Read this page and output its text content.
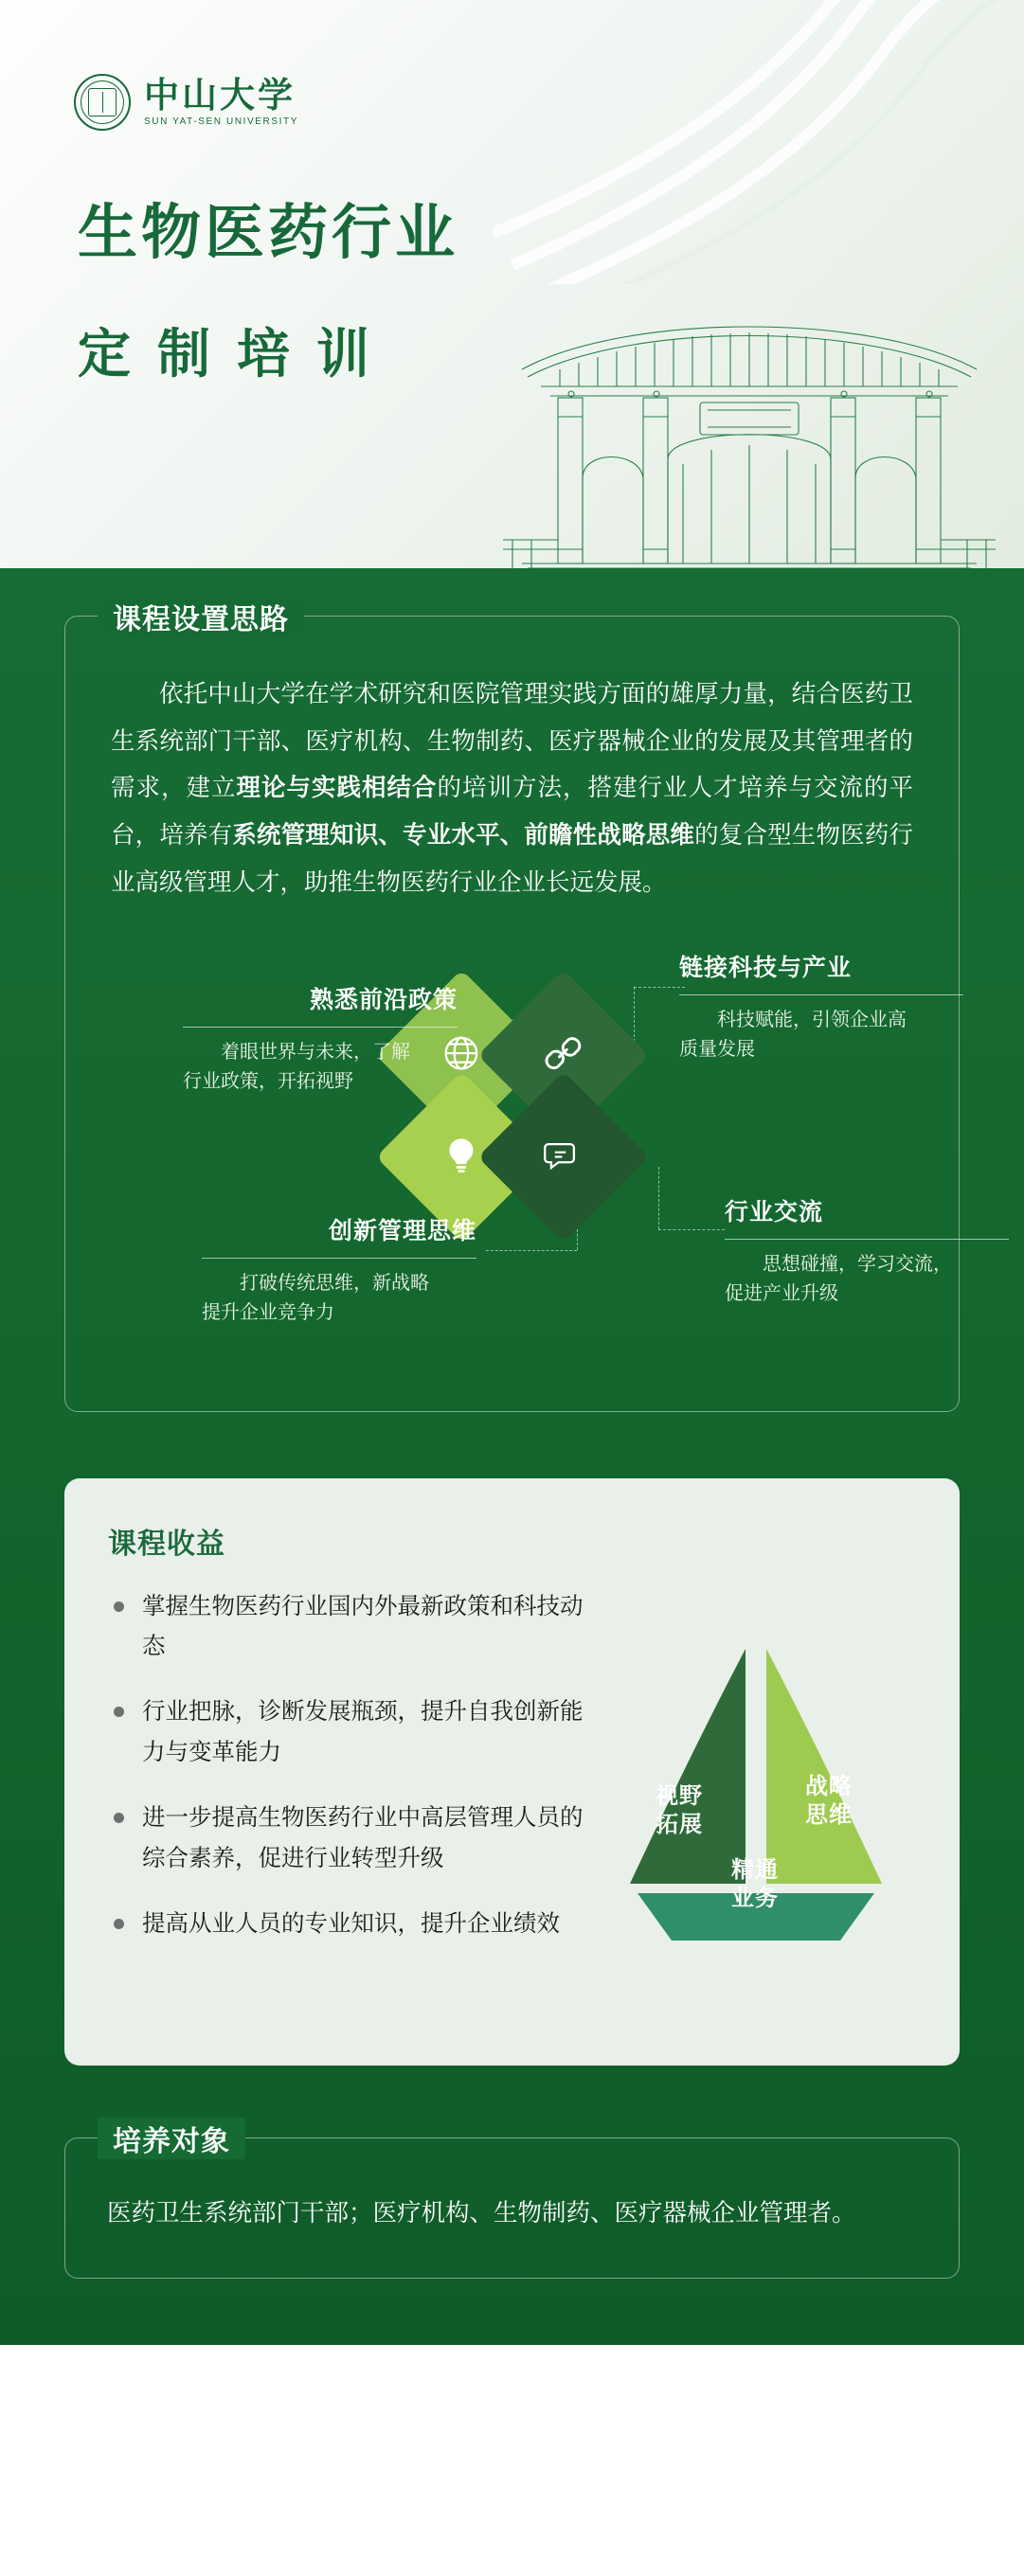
中山大学
SUN YAT-SEN UNIVERSITY
生物医药行业
定制培训
课程设置思路

依托中山大学在学术研究和医院管理实践方面的雄厚力量，结合医药卫生系统部门干部、医疗机构、生物制药、医疗器械企业的发展及其管理者的需求，建立理论与实践相结合的培训方法，搭建行业人才培养与交流的平台，培养有系统管理知识、专业水平、前瞻性战略思维的复合型生物医药行业高级管理人才，助推生物医药行业企业长远发展。

熟悉前沿政策

着眼世界与未来，了解
行业政策，开拓视野

链接科技与产业

科技赋能，引领企业高
质量发展

创新管理思维

打破传统思维，新战略
提升企业竞争力

行业交流

思想碰撞，学习交流，
促进产业升级

课程收益
掌握生物医药行业国内外最新政策和科技动态
行业把脉，诊断发展瓶颈，提升自我创新能力与变革能力
进一步提高生物医药行业中高层管理人员的综合素养，促进行业转型升级
提高从业人员的专业知识，提升企业绩效
视野
拓展
战略
思维
精通
业务
培养对象

医药卫生系统部门干部；医疗机构、生物制药、医疗器械企业管理者。
